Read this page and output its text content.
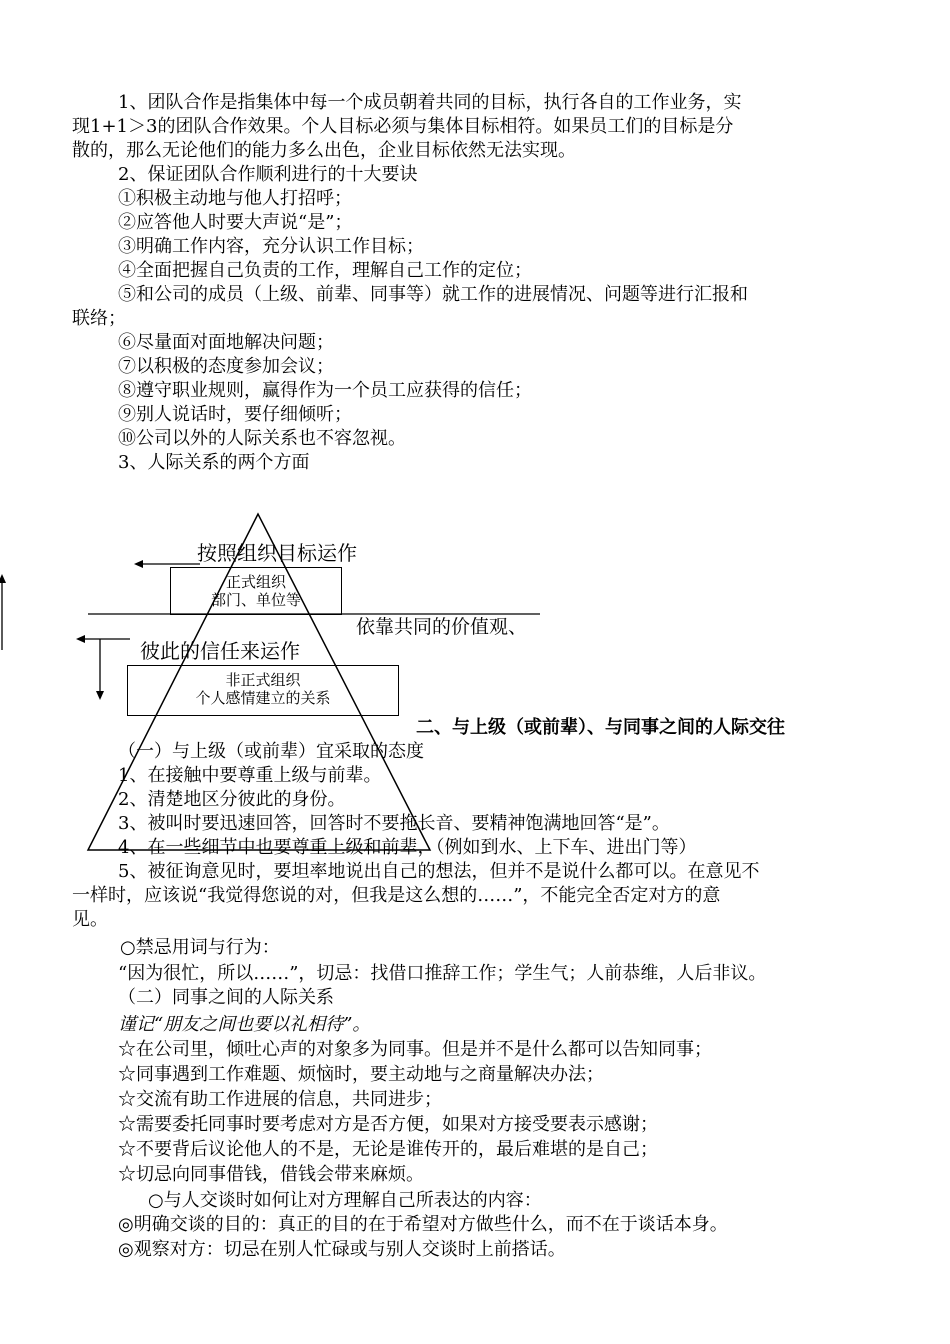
1、团队合作是指集体中每一个成员朝着共同的目标，执行各自的工作业务，实
现1+1＞3的团队合作效果。个人目标必须与集体目标相符。如果员工们的目标是分
散的，那么无论他们的能力多么出色，企业目标依然无法实现。
2、保证团队合作顺利进行的十大要诀
①积极主动地与他人打招呼；
②应答他人时要大声说“是”；
③明确工作内容，充分认识工作目标；
④全面把握自己负责的工作，理解自己工作的定位；
⑤和公司的成员（上级、前辈、同事等）就工作的进展情况、问题等进行汇报和
联络；
⑥尽量面对面地解决问题；
⑦以积极的态度参加会议；
⑧遵守职业规则，赢得作为一个员工应获得的信任；
⑨别人说话时，要仔细倾听；
⑩公司以外的人际关系也不容忽视。
3、人际关系的两个方面
按照组织目标运作
正式组织
部门、单位等
依靠共同的价值观、
彼此的信任来运作
非正式组织
个人感情建立的关系
二、与上级（或前辈）、与同事之间的人际交往
（一）与上级（或前辈）宜采取的态度
1、在接触中要尊重上级与前辈。
2、清楚地区分彼此的身份。
3、被叫时要迅速回答，回答时不要拖长音、要精神饱满地回答“是”。
4、在一些细节中也要尊重上级和前辈，（例如到水、上下车、进出门等）
5、被征询意见时，要坦率地说出自己的想法，但并不是说什么都可以。在意见不
一样时，应该说“我觉得您说的对，但我是这么想的……”，不能完全否定对方的意
见。
○禁忌用词与行为：
“因为很忙，所以……”，切忌：找借口推辞工作；学生气；人前恭维，人后非议。
（二）同事之间的人际关系
谨记“朋友之间也要以礼相待”。
☆在公司里，倾吐心声的对象多为同事。但是并不是什么都可以告知同事；
☆同事遇到工作难题、烦恼时，要主动地与之商量解决办法；
☆交流有助工作进展的信息，共同进步；
☆需要委托同事时要考虑对方是否方便，如果对方接受要表示感谢；
☆不要背后议论他人的不是，无论是谁传开的，最后难堪的是自己；
☆切忌向同事借钱，借钱会带来麻烦。
○与人交谈时如何让对方理解自己所表达的内容：
◎明确交谈的目的：真正的目的在于希望对方做些什么，而不在于谈话本身。
◎观察对方：切忌在别人忙碌或与别人交谈时上前搭话。
